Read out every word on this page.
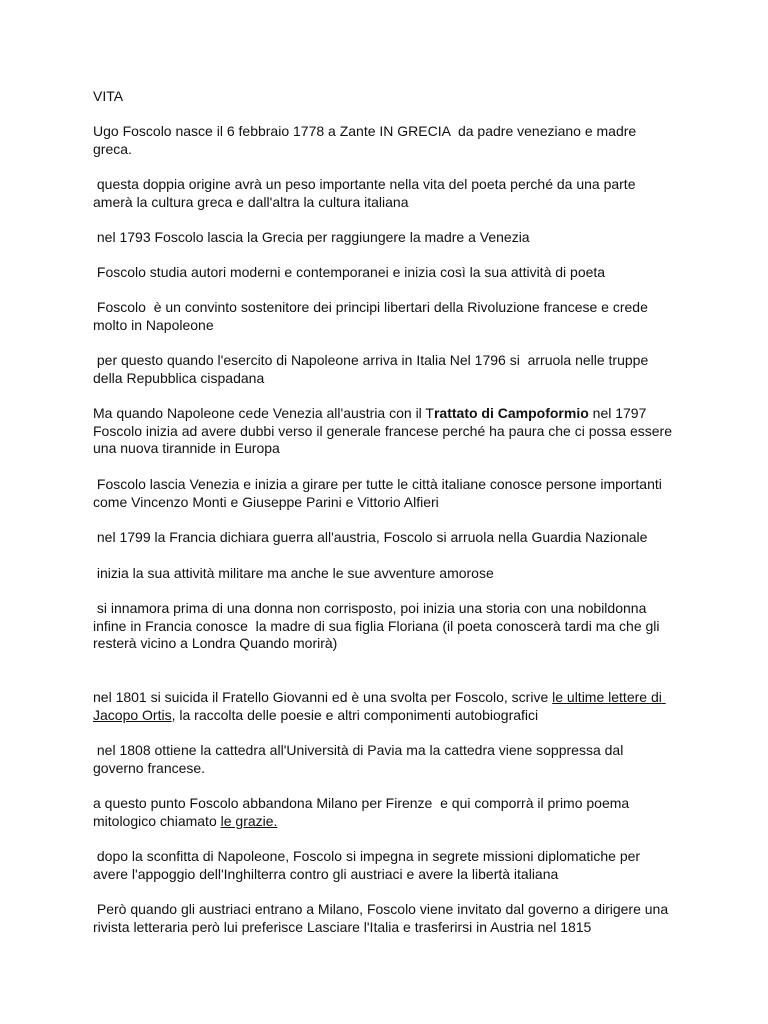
VITA

Ugo Foscolo nasce il 6 febbraio 1778 a Zante IN GRECIA  da padre veneziano e madre greca.

questa doppia origine avrà un peso importante nella vita del poeta perché da una parte amerà la cultura greca e dall'altra la cultura italiana

nel 1793 Foscolo lascia la Grecia per raggiungere la madre a Venezia

Foscolo studia autori moderni e contemporanei e inizia così la sua attività di poeta

Foscolo  è un convinto sostenitore dei principi libertari della Rivoluzione francese e crede molto in Napoleone

per questo quando l'esercito di Napoleone arriva in Italia Nel 1796 si  arruola nelle truppe della Repubblica cispadana

Ma quando Napoleone cede Venezia all'austria con il Trattato di Campoformio nel 1797 Foscolo inizia ad avere dubbi verso il generale francese perché ha paura che ci possa essere una nuova tirannide in Europa

Foscolo lascia Venezia e inizia a girare per tutte le città italiane conosce persone importanti come Vincenzo Monti e Giuseppe Parini e Vittorio Alfieri

nel 1799 la Francia dichiara guerra all'austria, Foscolo si arruola nella Guardia Nazionale

inizia la sua attività militare ma anche le sue avventure amorose

si innamora prima di una donna non corrisposto, poi inizia una storia con una nobildonna infine in Francia conosce  la madre di sua figlia Floriana (il poeta conoscerà tardi ma che gli resterà vicino a Londra Quando morirà)

nel 1801 si suicida il Fratello Giovanni ed è una svolta per Foscolo, scrive le ultime lettere di Jacopo Ortis, la raccolta delle poesie e altri componimenti autobiografici

nel 1808 ottiene la cattedra all'Università di Pavia ma la cattedra viene soppressa dal governo francese.

a questo punto Foscolo abbandona Milano per Firenze  e qui comporrà il primo poema mitologico chiamato le grazie.

dopo la sconfitta di Napoleone, Foscolo si impegna in segrete missioni diplomatiche per avere l'appoggio dell'Inghilterra contro gli austriaci e avere la libertà italiana

Però quando gli austriaci entrano a Milano, Foscolo viene invitato dal governo a dirigere una rivista letteraria però lui preferisce Lasciare l'Italia e trasferirsi in Austria nel 1815
